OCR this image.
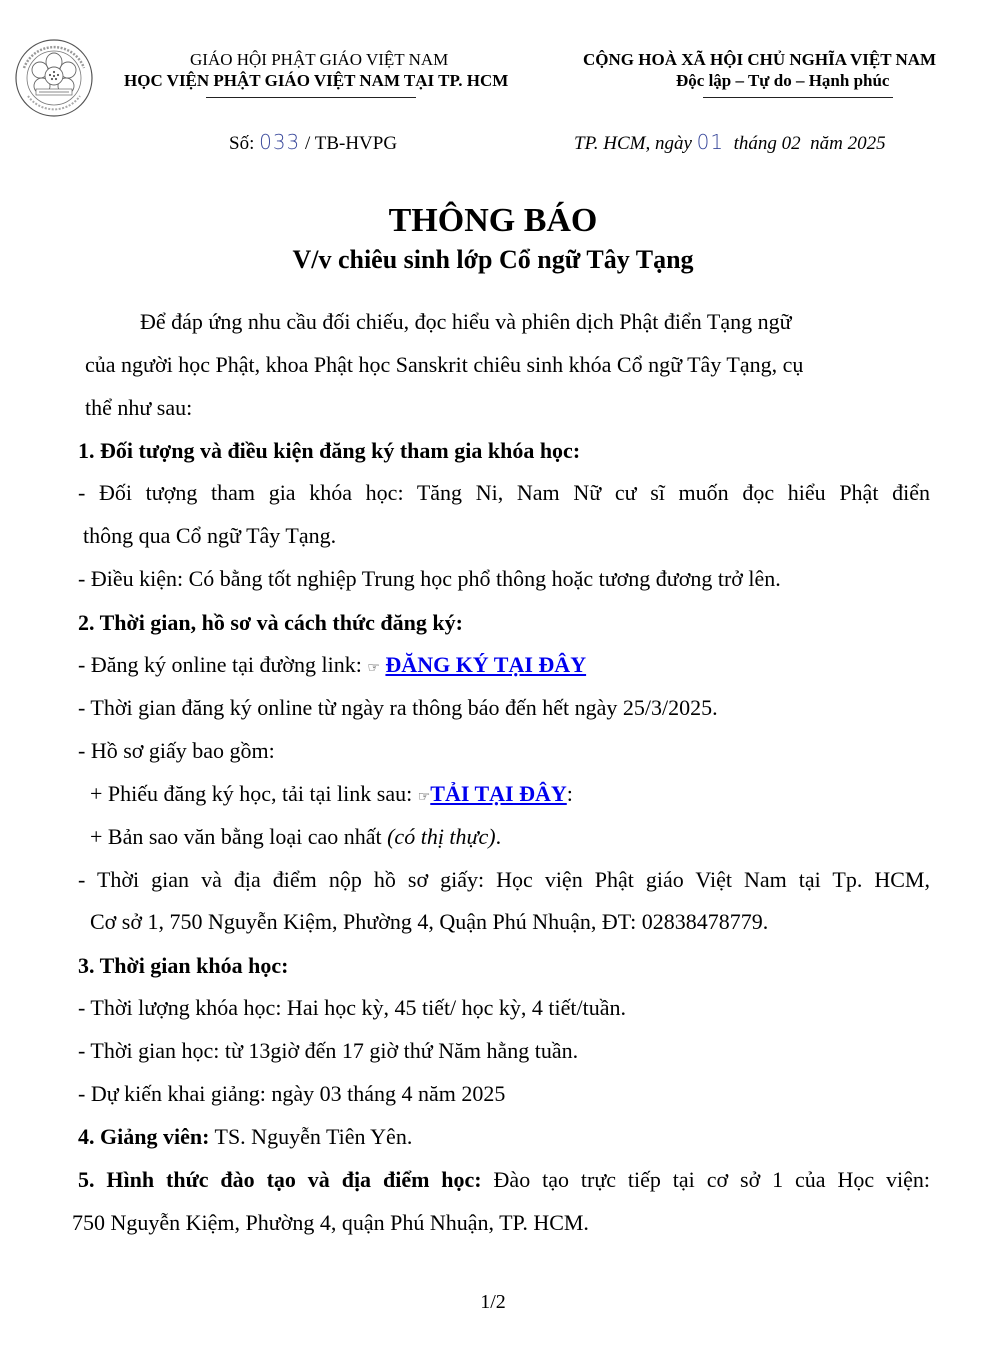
GIÁO HỘI PHẬT GIÁO VIỆT NAM
HỌC VIỆN PHẬT GIÁO VIỆT NAM TẠI TP. HCM
CỘNG HOÀ XÃ HỘI CHỦ NGHĨA VIỆT NAM
Độc lập – Tự do – Hạnh phúc
Số: 033 / TB-HVPG	TP. HCM, ngày 01  tháng 02  năm 2025
THÔNG BÁO
V/v chiêu sinh lớp Cổ ngữ Tây Tạng
Để đáp ứng nhu cầu đối chiếu, đọc hiểu và phiên dịch Phật điển Tạng ngữ
của người học Phật, khoa Phật học Sanskrit chiêu sinh khóa Cổ ngữ Tây Tạng, cụ
thể như sau:
1. Đối tượng và điều kiện đăng ký tham gia khóa học:
- Đối tượng tham gia khóa học: Tăng Ni, Nam Nữ cư sĩ muốn đọc hiểu Phật điển
thông qua Cổ ngữ Tây Tạng.
- Điều kiện: Có bằng tốt nghiệp Trung học phổ thông hoặc tương đương trở lên.
2. Thời gian, hồ sơ và cách thức đăng ký:
- Đăng ký online tại đường link: ☞ ĐĂNG KÝ TẠI ĐÂY
- Thời gian đăng ký online từ ngày ra thông báo đến hết ngày 25/3/2025.
- Hồ sơ giấy bao gồm:
+ Phiếu đăng ký học, tải tại link sau: ☞TẢI TẠI ĐÂY:
+ Bản sao văn bằng loại cao nhất (có thị thực).
- Thời gian và địa điểm nộp hồ sơ giấy: Học viện Phật giáo Việt Nam tại Tp. HCM,
Cơ sở 1, 750 Nguyễn Kiệm, Phường 4, Quận Phú Nhuận, ĐT: 02838478779.
3. Thời gian khóa học:
- Thời lượng khóa học: Hai học kỳ, 45 tiết/ học kỳ, 4 tiết/tuần.
- Thời gian học: từ 13giờ đến 17 giờ thứ Năm hằng tuần.
- Dự kiến khai giảng: ngày 03 tháng 4 năm 2025
4. Giảng viên: TS. Nguyễn Tiên Yên.
5. Hình thức đào tạo và địa điểm học: Đào tạo trực tiếp tại cơ sở 1 của Học viện:
750 Nguyễn Kiệm, Phường 4, quận Phú Nhuận, TP. HCM.
1/2
